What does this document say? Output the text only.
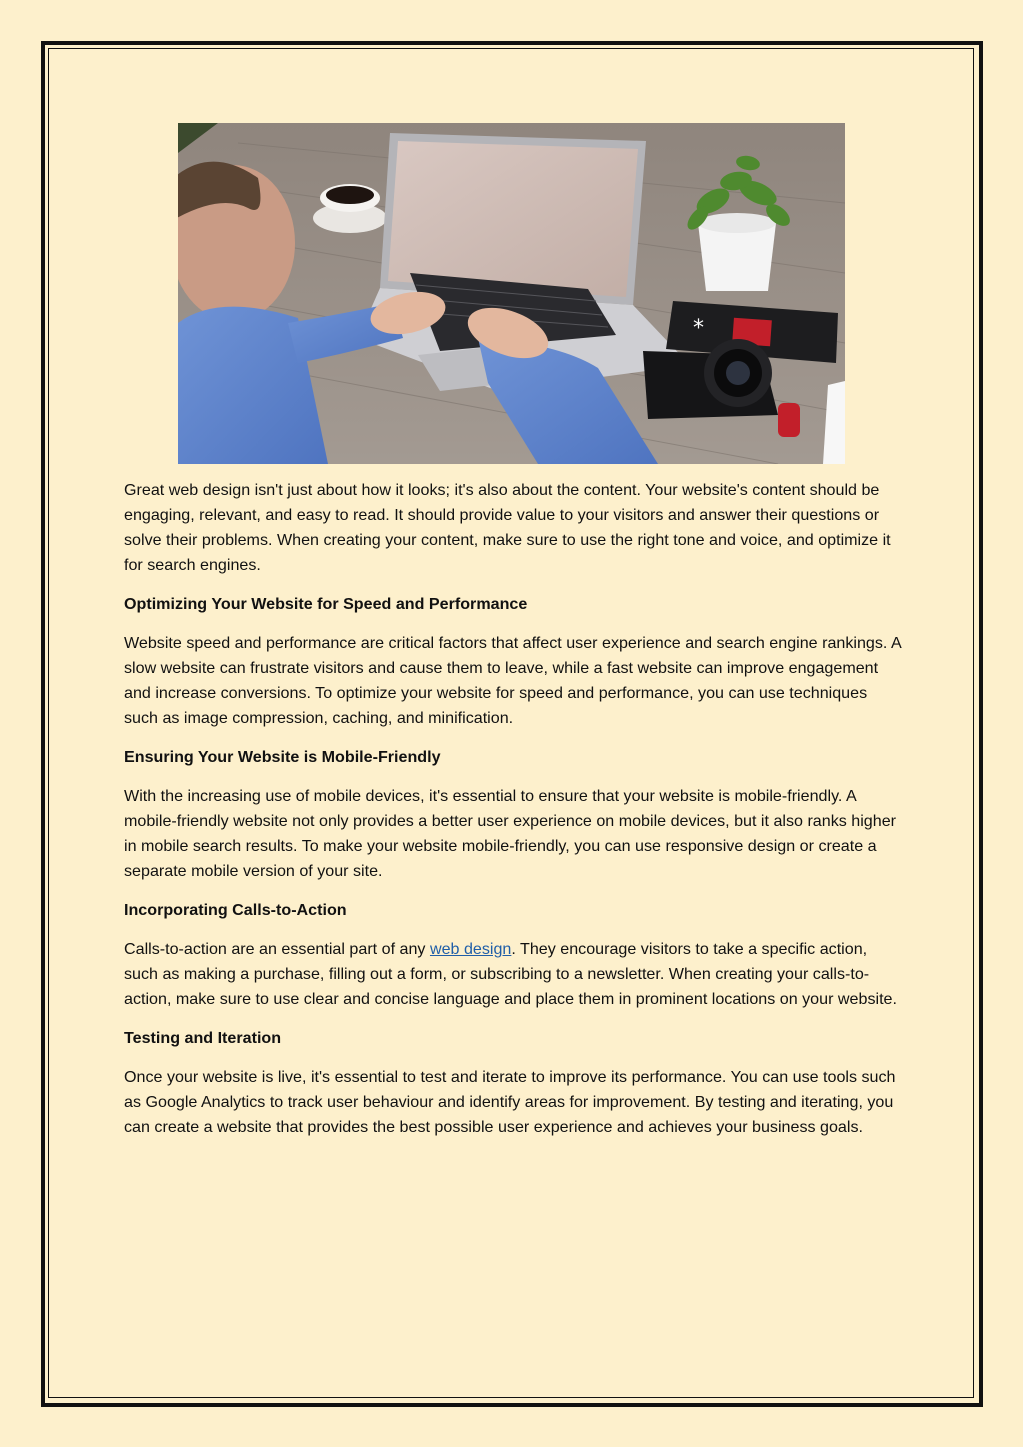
*

Great web design isn't just about how it looks; it's also about the content. Your website's content should be engaging, relevant, and easy to read. It should provide value to your visitors and answer their questions or solve their problems. When creating your content, make sure to use the right tone and voice, and optimize it for search engines.

Optimizing Your Website for Speed and Performance

Website speed and performance are critical factors that affect user experience and search engine rankings. A slow website can frustrate visitors and cause them to leave, while a fast website can improve engagement and increase conversions. To optimize your website for speed and performance, you can use techniques such as image compression, caching, and minification.

Ensuring Your Website is Mobile-Friendly

With the increasing use of mobile devices, it's essential to ensure that your website is mobile-friendly. A mobile-friendly website not only provides a better user experience on mobile devices, but it also ranks higher in mobile search results. To make your website mobile-friendly, you can use responsive design or create a separate mobile version of your site.

Incorporating Calls-to-Action

Calls-to-action are an essential part of any web design. They encourage visitors to take a specific action, such as making a purchase, filling out a form, or subscribing to a newsletter. When creating your calls-to-action, make sure to use clear and concise language and place them in prominent locations on your website.

Testing and Iteration

Once your website is live, it's essential to test and iterate to improve its performance. You can use tools such as Google Analytics to track user behaviour and identify areas for improvement. By testing and iterating, you can create a website that provides the best possible user experience and achieves your business goals.
